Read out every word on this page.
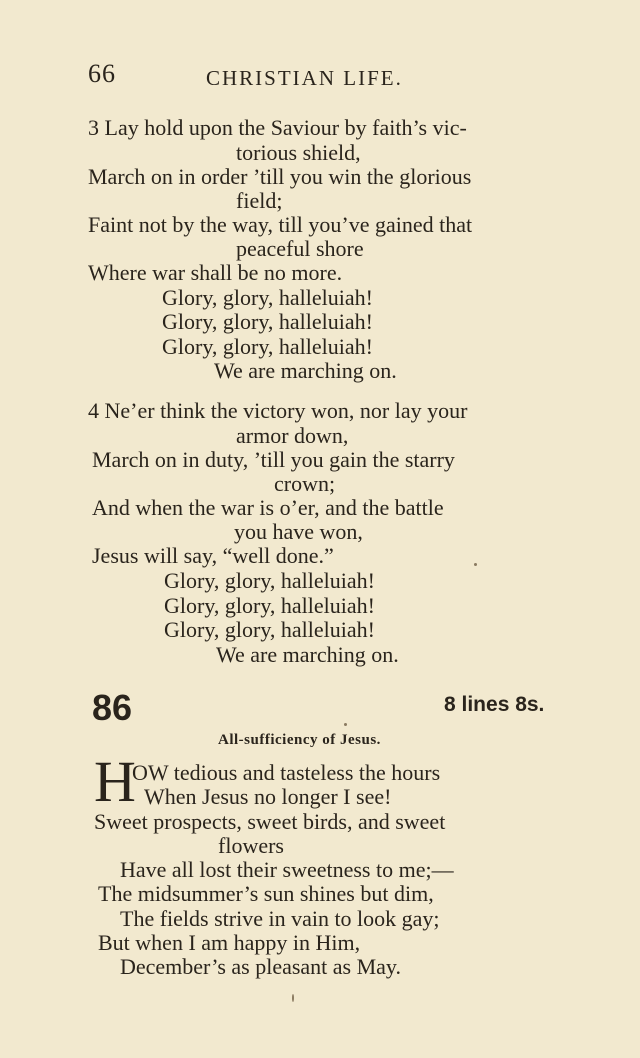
66	CHRISTIAN LIFE.
3 Lay hold upon the Saviour by faith’s vic-
torious shield,
March on in order ’till you win the glorious
field;
Faint not by the way, till you’ve gained that
peaceful shore
Where war shall be no more.
Glory, glory, halleluiah!
Glory, glory, halleluiah!
Glory, glory, halleluiah!
We are marching on.
4 Ne’er think the victory won, nor lay your
armor down,
March on in duty, ’till you gain the starry
crown;
And when the war is o’er, and the battle
you have won,
Jesus will say, “well done.”
Glory, glory, halleluiah!
Glory, glory, halleluiah!
Glory, glory, halleluiah!
We are marching on.
86	8 lines 8s.
All-sufficiency of Jesus.
H
OW tedious and tasteless the hours
When Jesus no longer I see!
Sweet prospects, sweet birds, and sweet
flowers
Have all lost their sweetness to me;—
The midsummer’s sun shines but dim,
The fields strive in vain to look gay;
But when I am happy in Him,
December’s as pleasant as May.
